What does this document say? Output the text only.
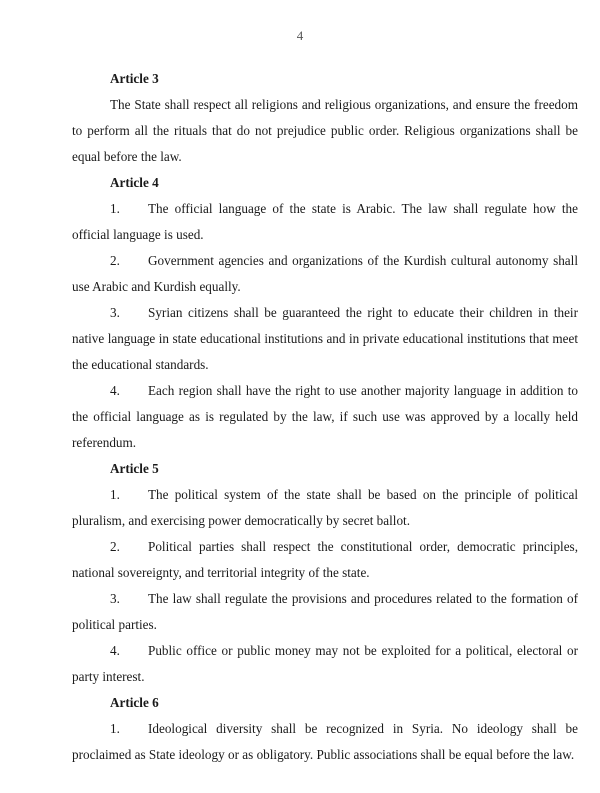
4

Article 3

The State shall respect all religions and religious organizations, and ensure the freedom to perform all the rituals that do not prejudice public order. Religious organizations shall be equal before the law.

Article 4

1. The official language of the state is Arabic. The law shall regulate how the official language is used.

2. Government agencies and organizations of the Kurdish cultural autonomy shall use Arabic and Kurdish equally.

3. Syrian citizens shall be guaranteed the right to educate their children in their native language in state educational institutions and in private educational institutions that meet the educational standards.

4. Each region shall have the right to use another majority language in addition to the official language as is regulated by the law, if such use was approved by a locally held referendum.

Article 5

1. The political system of the state shall be based on the principle of political pluralism, and exercising power democratically by secret ballot.

2. Political parties shall respect the constitutional order, democratic principles, national sovereignty, and territorial integrity of the state.

3. The law shall regulate the provisions and procedures related to the formation of political parties.

4. Public office or public money may not be exploited for a political, electoral or party interest.

Article 6

1. Ideological diversity shall be recognized in Syria. No ideology shall be proclaimed as State ideology or as obligatory. Public associations shall be equal before the law.
